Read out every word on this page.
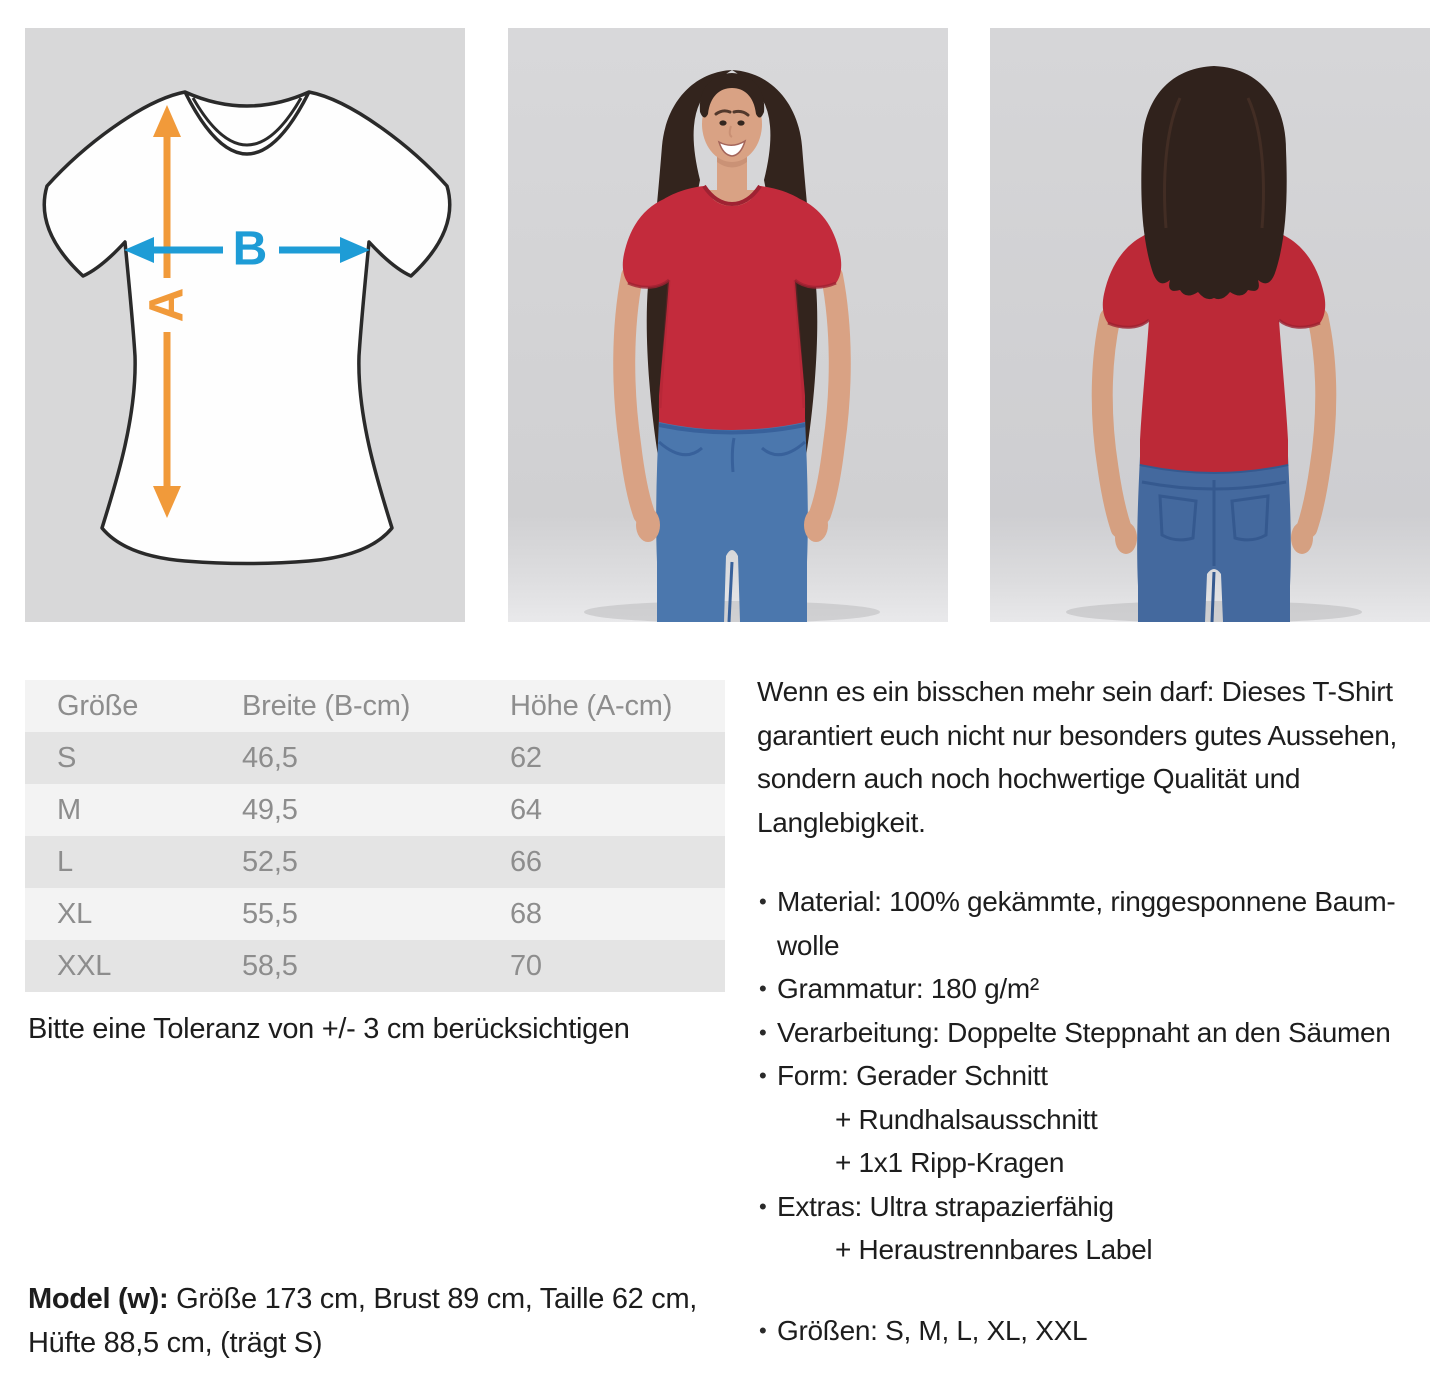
A
B
Größe	Breite (B-cm)	Höhe (A-cm)
S	46,5	62
M	49,5	64
L	52,5	66
XL	55,5	68
XXL	58,5	70
Bitte eine Toleranz von +/- 3 cm berücksichtigen
Model (w): Größe 173 cm, Brust 89 cm, Taille 62 cm, Hüfte 88,5 cm, (trägt S)

Wenn es ein bisschen mehr sein darf: Dieses T-Shirt garantiert euch nicht nur besonders gutes Aussehen, sondern auch noch hochwertige Qualität und Langlebigkeit.

• Material: 100% gekämmte, ringgesponnene Baumwolle
• Grammatur: 180 g/m²
• Verarbeitung: Doppelte Steppnaht an den Säumen
• Form: Gerader Schnitt
+ Rundhalsausschnitt
+ 1x1 Ripp-Kragen
• Extras: Ultra strapazierfähig
+ Heraustrennbares Label
• Größen: S, M, L, XL, XXL
